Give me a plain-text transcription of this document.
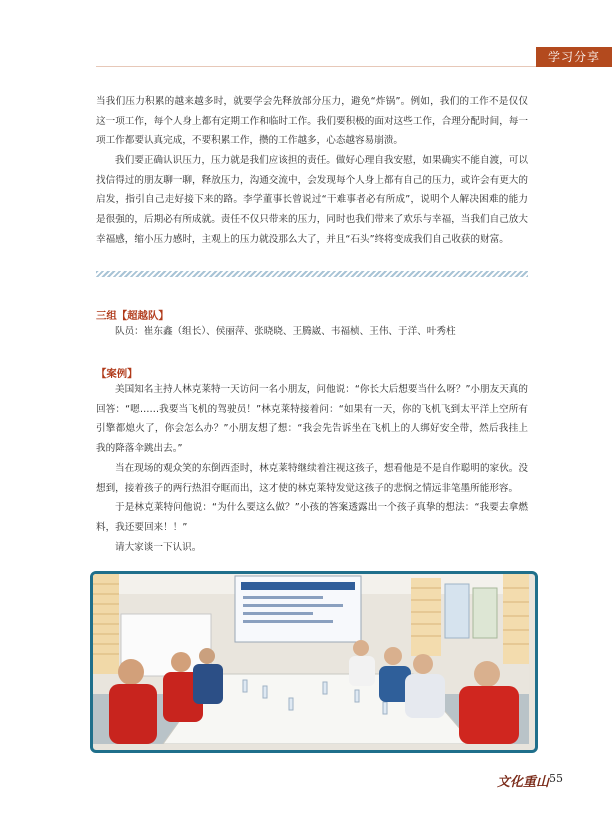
学习分享

当我们压力积累的越来越多时，就要学会先释放部分压力，避免“炸锅”。例如，我们的工作不是仅仅这一项工作，每个人身上都有定期工作和临时工作。我们要积极的面对这些工作，合理分配时间，每一项工作都要认真完成，不要积累工作，攒的工作越多，心态越容易崩溃。

我们要正确认识压力，压力就是我们应该担的责任。做好心理自我安慰，如果确实不能自渡，可以找信得过的朋友聊一聊，释放压力，沟通交流中，会发现每个人身上都有自己的压力，或许会有更大的启发，指引自己走好接下来的路。李学董事长曾说过“干难事者必有所成”，说明个人解决困难的能力是很强的，后期必有所成就。责任不仅只带来的压力，同时也我们带来了欢乐与幸福，当我们自己放大幸福感，缩小压力感时，主观上的压力就没那么大了，并且“石头”终将变成我们自己收获的财富。

三组【超越队】

队员：崔东鑫（组长）、侯丽萍、张晓晓、王腾崴、韦福桢、王伟、于洋、叶秀柱

【案例】

美国知名主持人林克莱特一天访问一名小朋友，问他说：“你长大后想要当什么呀？”小朋友天真的回答：“嗯……我要当飞机的驾驶员！”林克莱特接着问：“如果有一天，你的飞机飞到太平洋上空所有引擎都熄火了，你会怎么办？”小朋友想了想：“我会先告诉坐在飞机上的人绑好安全带，然后我挂上我的降落伞跳出去。”

当在现场的观众笑的东倒西歪时，林克莱特继续着注视这孩子，想看他是不是自作聪明的家伙。没想到，接着孩子的两行热泪夺眶而出，这才使的林克莱特发觉这孩子的悲悯之情远非笔墨所能形容。

于是林克莱特问他说：“为什么要这么做？”小孩的答案透露出一个孩子真挚的想法：“我要去拿燃料，我还要回来！！”

请大家谈一下认识。

文化重山 55
